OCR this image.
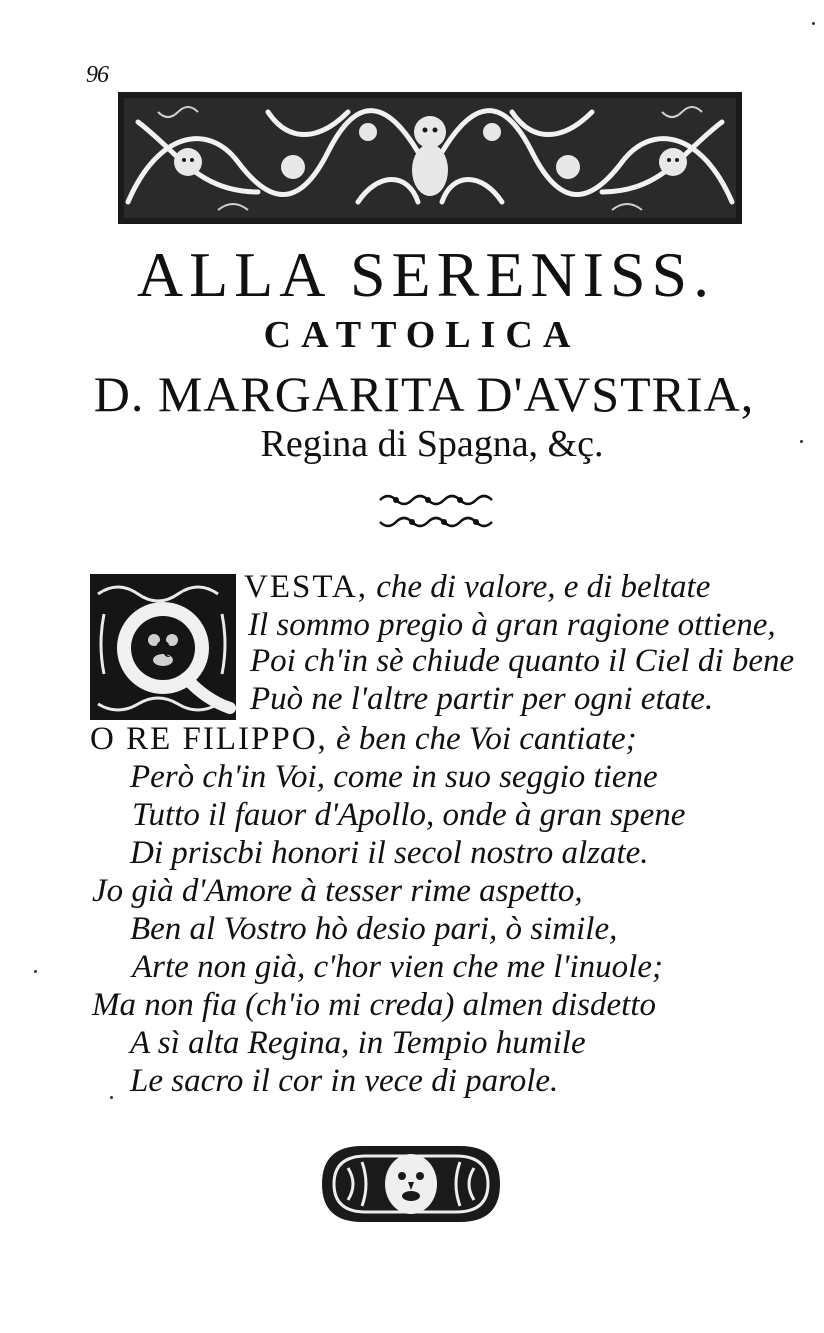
96
ALLA SERENISS.
CATTOLICA
D. MARGARITA D'AVSTRIA,
Regina di Spagna, &ç.
Q
VESTA, che di valore, e di beltate
Il sommo pregio à gran ragione ottiene,
Poi ch'in sè chiude quanto il Ciel di bene
Può ne l'altre partir per ogni etate.
O RE FILIPPO, è ben che Voi cantiate;
Però ch'in Voi, come in suo seggio tiene
Tutto il fauor d'Apollo, onde à gran spene
Di priscbi honori il secol nostro alzate.
Jo già d'Amore à tesser rime aspetto,
Ben al Vostro hò desio pari, ò simile,
Arte non già, c'hor vien che me l'inuole;
Ma non fia (ch'io mi creda) almen disdetto
A sì alta Regina, in Tempio humile
Le sacro il cor in vece di parole.
